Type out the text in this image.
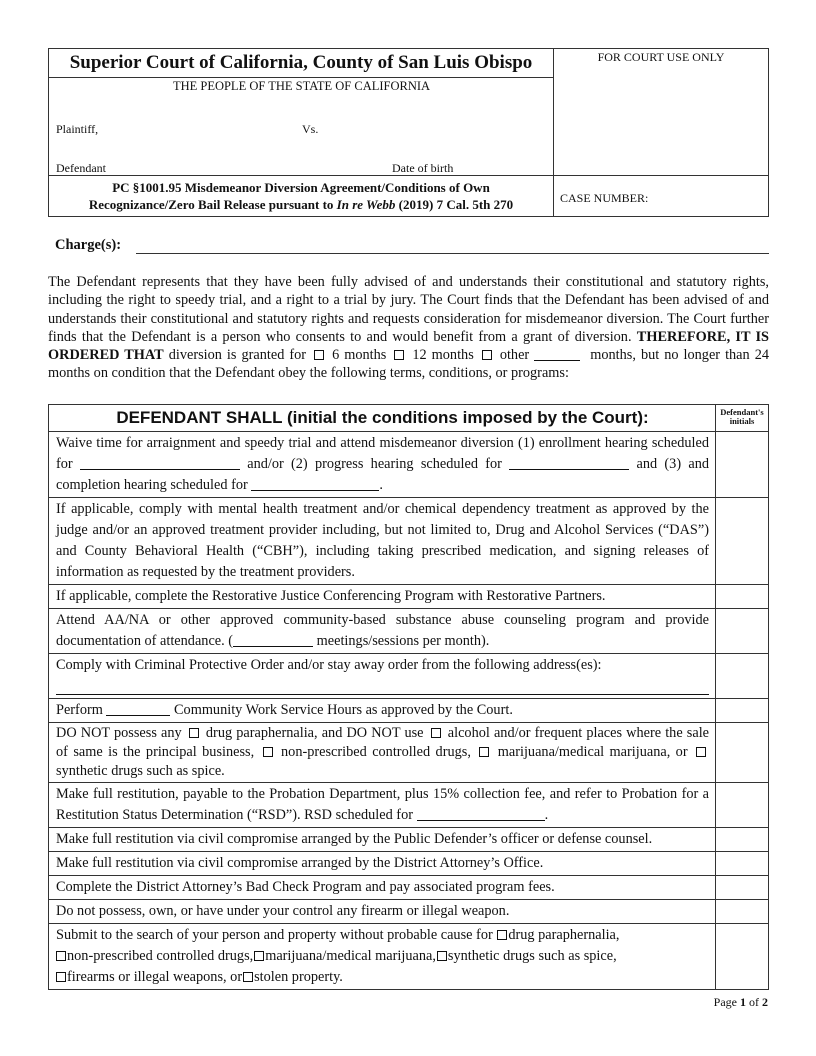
Superior Court of California, County of San Luis Obispo
THE PEOPLE OF THE STATE OF CALIFORNIA
Plaintiff,	Vs.
Defendant	Date of birth
PC §1001.95 Misdemeanor Diversion Agreement/Conditions of Own
Recognizance/Zero Bail Release pursuant to In re Webb (2019) 7 Cal. 5th 270
FOR COURT USE ONLY
CASE NUMBER:
Charge(s):
The Defendant represents that they have been fully advised of and understands their constitutional and statutory rights, including the right to speedy trial, and a right to a trial by jury. The Court finds that the Defendant has been advised of and understands their constitutional and statutory rights and requests consideration for misdemeanor diversion. The Court further finds that the Defendant is a person who consents to and would benefit from a grant of diversion. THEREFORE, IT IS ORDERED THAT diversion is granted for  6 months 12 months other	months, but no longer than 24 months on condition that the Defendant obey the following terms, conditions, or programs:
DEFENDANT SHALL (initial the conditions imposed by the Court):	Defendant's initials
Waive time for arraignment and speedy trial and attend misdemeanor diversion (1) enrollment hearing scheduled for and/or (2) progress hearing scheduled for and (3) and completion hearing scheduled for .	
If applicable, comply with mental health treatment and/or chemical dependency treatment as approved by the judge and/or an approved treatment provider including, but not limited to, Drug and Alcohol Services (“DAS”) and County Behavioral Health (“CBH”), including taking prescribed medication, and signing releases of information as requested by the treatment providers.	
If applicable, complete the Restorative Justice Conferencing Program with Restorative Partners.	
Attend AA/NA or other approved community-based substance abuse counseling program and provide documentation of attendance. ( meetings/sessions per month).	
Comply with Criminal Protective Order and/or stay away order from the following address(es):

Perform Community Work Service Hours as approved by the Court.	
DO NOT possess any drug paraphernalia, and DO NOT use alcohol and/or frequent places where the sale of same is the principal business, non-prescribed controlled drugs, marijuana/medical marijuana, or  synthetic drugs such as spice.	
Make full restitution, payable to the Probation Department, plus 15% collection fee, and refer to Probation for a Restitution Status Determination (“RSD”). RSD scheduled for .	
Make full restitution via civil compromise arranged by the Public Defender’s officer or defense counsel.	
Make full restitution via civil compromise arranged by the District Attorney’s Office.	
Complete the District Attorney’s Bad Check Program and pay associated program fees.	
Do not possess, own, or have under your control any firearm or illegal weapon.	
Submit to the search of your person and property without probable cause for drug paraphernalia,
non-prescribed controlled drugs, marijuana/medical marijuana, synthetic drugs such as spice,
firearms or illegal weapons, or stolen property.	
Page 1 of 2
